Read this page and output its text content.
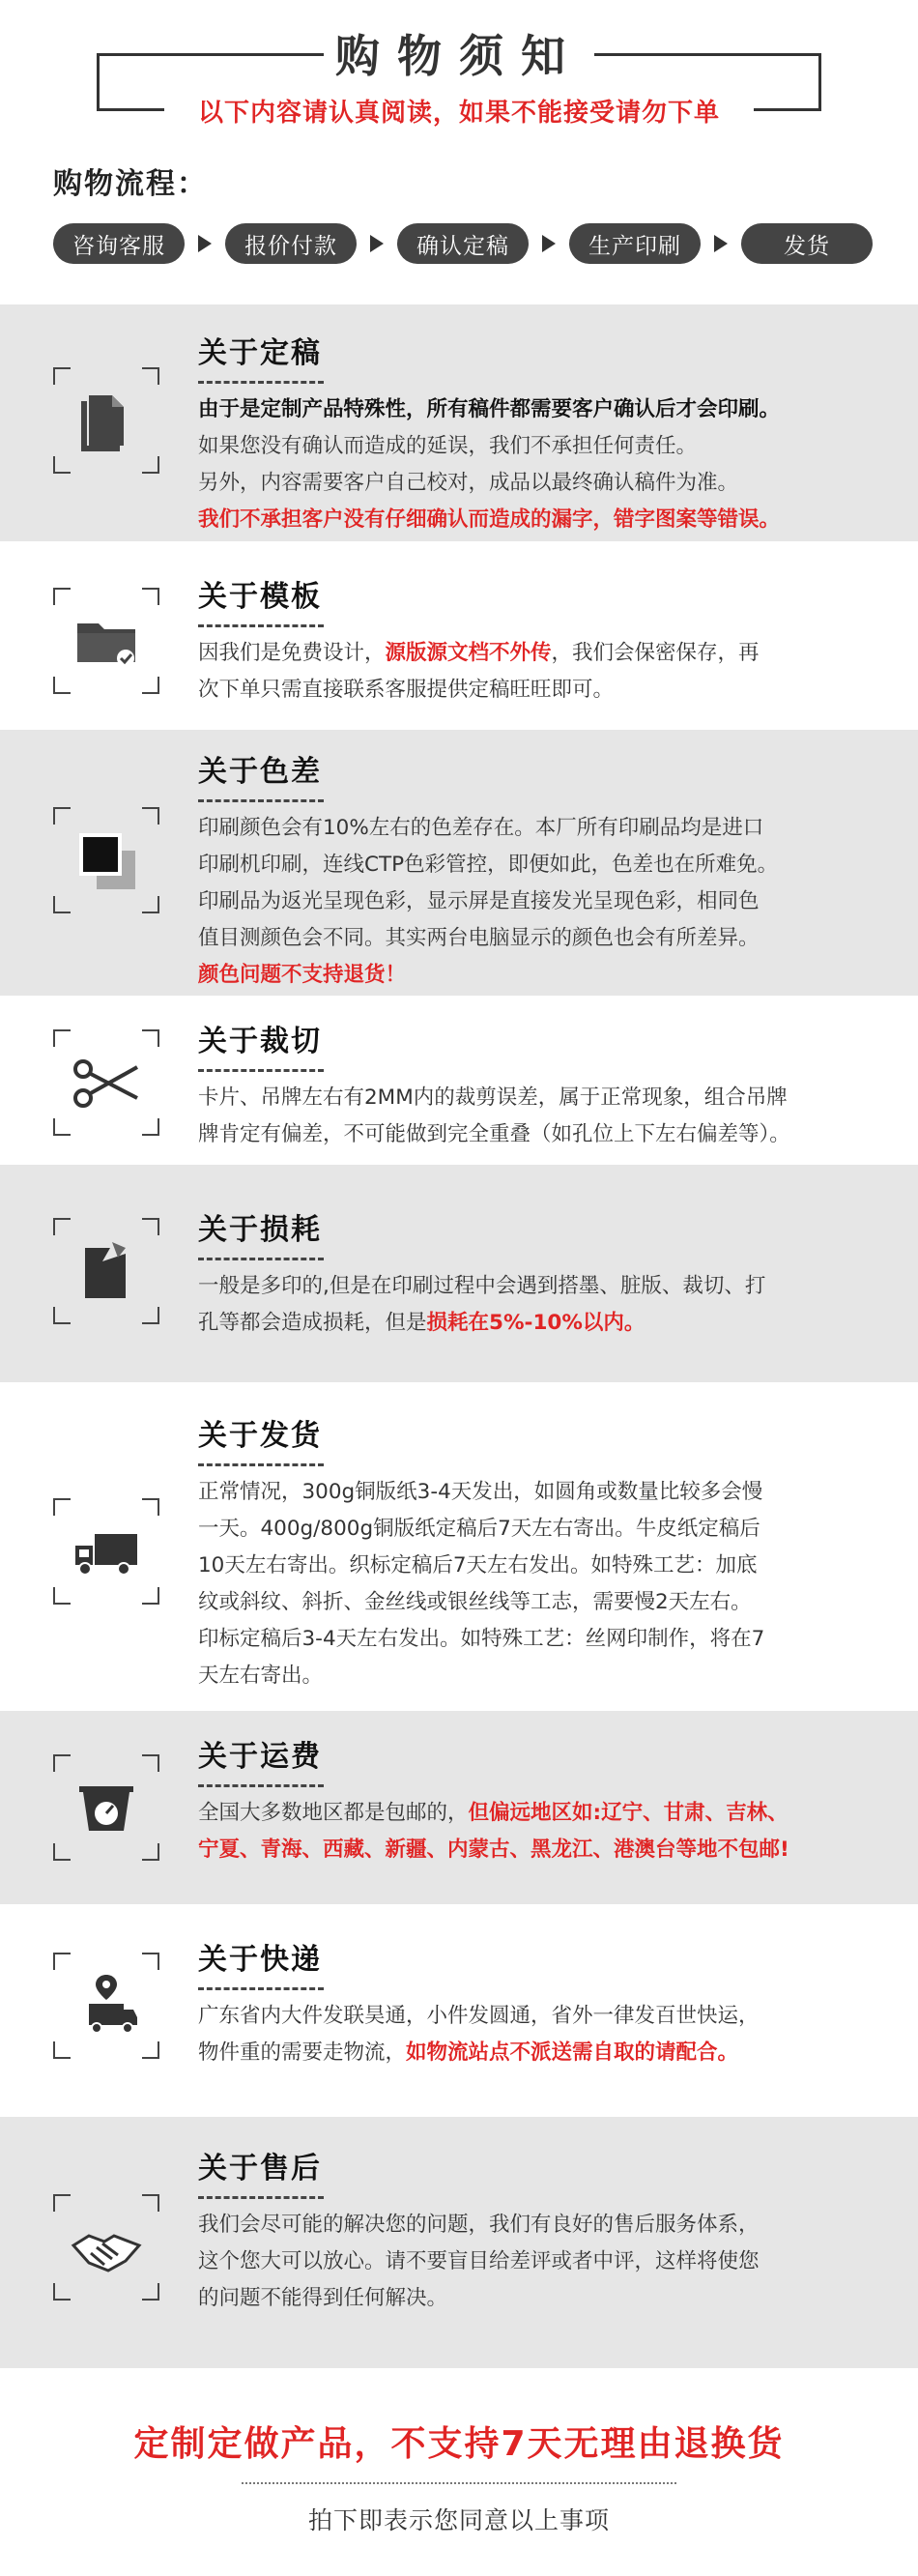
购物须知
以下内容请认真阅读，如果不能接受请勿下单
购物流程：
咨询客服	报价付款	确认定稿	生产印刷	发货
关于定稿
由于是定制产品特殊性，所有稿件都需要客户确认后才会印刷。
如果您没有确认而造成的延误，我们不承担任何责任。
另外，内容需要客户自己校对，成品以最终确认稿件为准。
我们不承担客户没有仔细确认而造成的漏字，错字图案等错误。
关于模板
因我们是免费设计，源版源文档不外传，我们会保密保存，再
次下单只需直接联系客服提供定稿旺旺即可。
关于色差
印刷颜色会有10%左右的色差存在。本厂所有印刷品均是进口
印刷机印刷，连线CTP色彩管控，即便如此，色差也在所难免。
印刷品为返光呈现色彩，显示屏是直接发光呈现色彩，相同色
值目测颜色会不同。其实两台电脑显示的颜色也会有所差异。
颜色问题不支持退货！
关于裁切
卡片、吊牌左右有2MM内的裁剪误差，属于正常现象，组合吊牌
牌肯定有偏差，不可能做到完全重叠（如孔位上下左右偏差等）。
关于损耗
一般是多印的,但是在印刷过程中会遇到搭墨、脏版、裁切、打
孔等都会造成损耗，但是损耗在5%-10%以内。
关于发货
正常情况，300g铜版纸3-4天发出，如圆角或数量比较多会慢
一天。400g/800g铜版纸定稿后7天左右寄出。牛皮纸定稿后
10天左右寄出。织标定稿后7天左右发出。如特殊工艺：加底
纹或斜纹、斜折、金丝线或银丝线等工志，需要慢2天左右。
印标定稿后3-4天左右发出。如特殊工艺：丝网印制作，将在7
天左右寄出。
关于运费
全国大多数地区都是包邮的，但偏远地区如:辽宁、甘肃、吉林、
宁夏、青海、西藏、新疆、内蒙古、黑龙江、港澳台等地不包邮!
关于快递
广东省内大件发联昊通，小件发圆通，省外一律发百世快运，
物件重的需要走物流，如物流站点不派送需自取的请配合。
关于售后
我们会尽可能的解决您的问题，我们有良好的售后服务体系，
这个您大可以放心。请不要盲目给差评或者中评，这样将使您
的问题不能得到任何解决。
定制定做产品，不支持7天无理由退换货
拍下即表示您同意以上事项
